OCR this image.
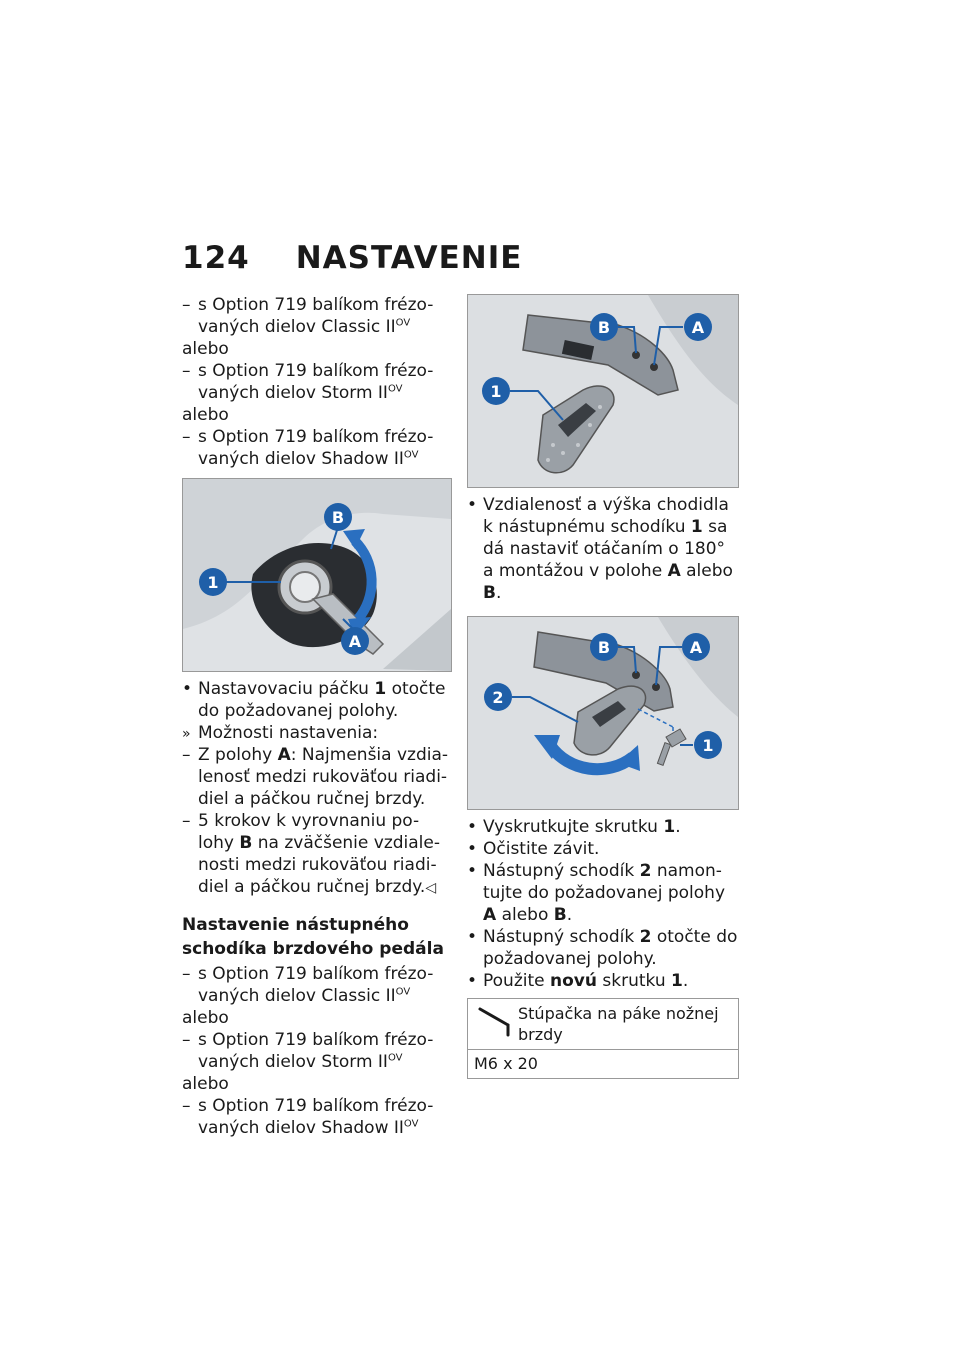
124 NASTAVENIE
–
s Option 719 balíkom frézo-vaných dielov Classic $II^{OV}$
alebo
–
s Option 719 balíkom frézo-vaných dielov Storm $II^{OV}$
alebo
–
s Option 719 balíkom frézo-vaných dielov Shadow $II^{OV}$
1
B
A
•
Nastavovaciu páčku 1 otočte do požadovanej polohy.
»
Možnosti nastavenia:
–
Z polohy A: Najmenšia vzdia-lenosť medzi rukoväťou riadi-diel a páčkou ručnej brzdy.
–
5 krokov k vyrovnaniu po-lohy B na zväčšenie vzdiale-nosti medzi rukoväťou riadi-diel a páčkou ručnej brzdy.◁
Nastavenie nástupného schodíka brzdového pedála
–
s Option 719 balíkom frézo-vaných dielov Classic $II^{OV}$
alebo
–
s Option 719 balíkom frézo-vaných dielov Storm $II^{OV}$
alebo
–
s Option 719 balíkom frézo-vaných dielov Shadow $II^{OV}$
1
B	A
•
Vzdialenosť a výška chodidla k nástupnému schodíku 1 sa dá nastaviť otáčaním o 180° a montážou v polohe A alebo B.
2
B	A
1
•
Vyskrutkujte skrutku 1.
•
Očistite závit.
•
Nástupný schodík 2 namon-tujte do požadovanej polohy A alebo B.
•
Nástupný schodík 2 otočte do požadovanej polohy.
•
Použite novú skrutku 1.
Stúpačka na páke nožnej brzdy
M6 x 20
